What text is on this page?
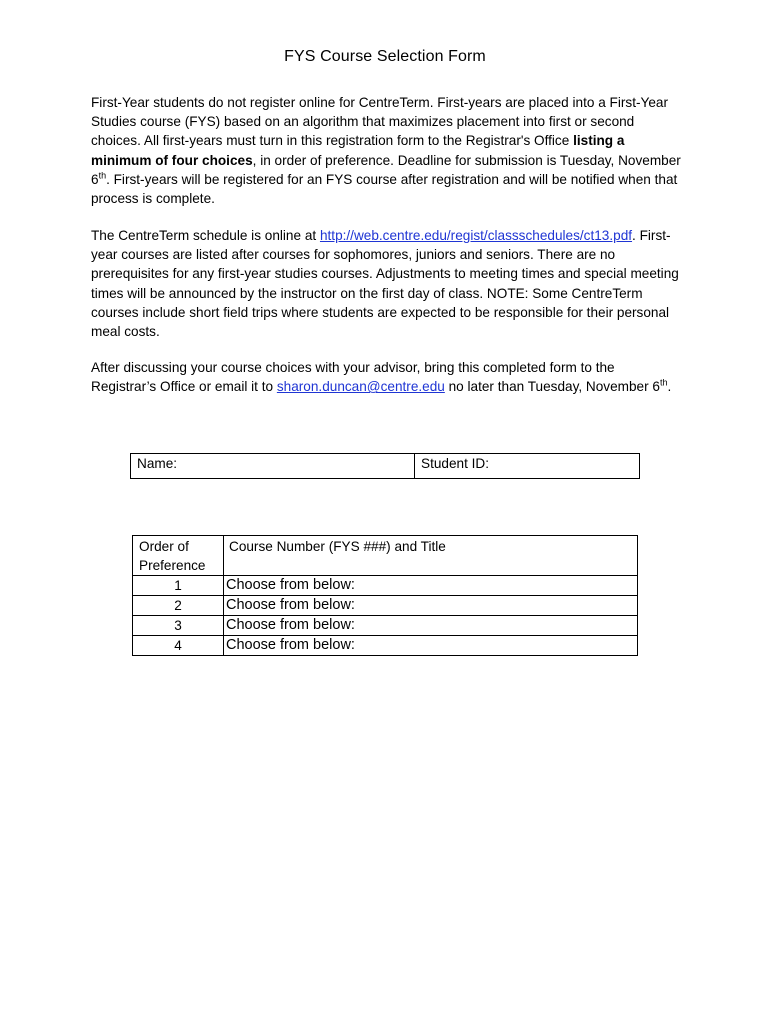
FYS Course Selection Form

First-Year students do not register online for CentreTerm. First-years are placed into a First-Year Studies course (FYS) based on an algorithm that maximizes placement into first or second choices. All first-years must turn in this registration form to the Registrar's Office listing a minimum of four choices, in order of preference. Deadline for submission is Tuesday, November 6th. First-years will be registered for an FYS course after registration and will be notified when that process is complete.

The CentreTerm schedule is online at http://web.centre.edu/regist/classschedules/ct13.pdf. First-year courses are listed after courses for sophomores, juniors and seniors. There are no prerequisites for any first-year studies courses. Adjustments to meeting times and special meeting times will be announced by the instructor on the first day of class. NOTE: Some CentreTerm courses include short field trips where students are expected to be responsible for their personal meal costs.

After discussing your course choices with your advisor, bring this completed form to the Registrar’s Office or email it to sharon.duncan@centre.edu no later than Tuesday, November 6th.

Name:	Student ID:
Order of Preference	Course Number (FYS ###) and Title
1	Choose from below:
2	Choose from below:
3	Choose from below:
4	Choose from below:
